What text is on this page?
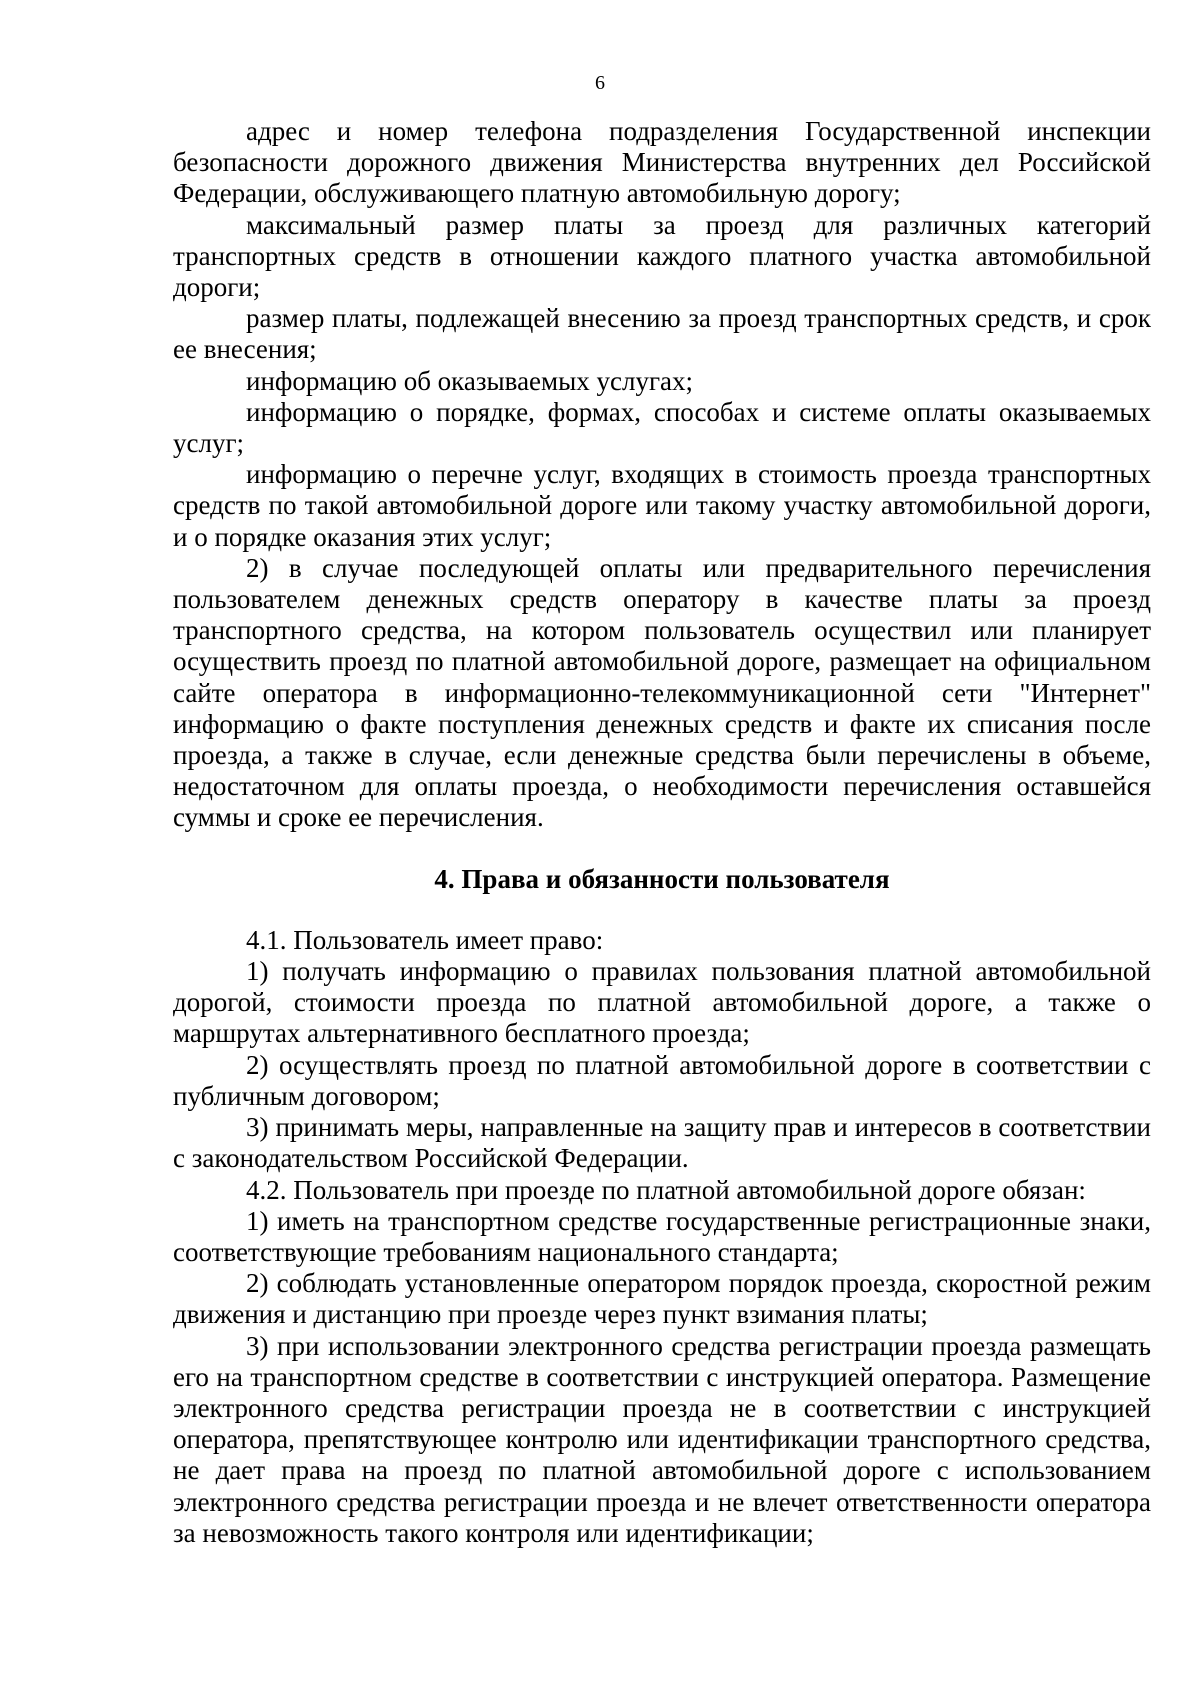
6

адрес и номер телефона подразделения Государственной инспекции безопасности дорожного движения Министерства внутренних дел Российской Федерации, обслуживающего платную автомобильную дорогу;

максимальный размер платы за проезд для различных категорий транспортных средств в отношении каждого платного участка автомобильной дороги;

размер платы, подлежащей внесению за проезд транспортных средств, и срок ее внесения;

информацию об оказываемых услугах;

информацию о порядке, формах, способах и системе оплаты оказываемых услуг;

информацию о перечне услуг, входящих в стоимость проезда транспортных средств по такой автомобильной дороге или такому участку автомобильной дороги, и о порядке оказания этих услуг;

2) в случае последующей оплаты или предварительного перечисления пользователем денежных средств оператору в качестве платы за проезд транспортного средства, на котором пользователь осуществил или планирует осуществить проезд по платной автомобильной дороге, размещает на официальном сайте оператора в информационно-телекоммуникационной сети "Интернет" информацию о факте поступления денежных средств и факте их списания после проезда, а также в случае, если денежные средства были перечислены в объеме, недостаточном для оплаты проезда, о необходимости перечисления оставшейся суммы и сроке ее перечисления.

4. Права и обязанности пользователя

4.1. Пользователь имеет право:

1) получать информацию о правилах пользования платной автомобильной дорогой, стоимости проезда по платной автомобильной дороге, а также о маршрутах альтернативного бесплатного проезда;

2) осуществлять проезд по платной автомобильной дороге в соответствии с публичным договором;

3) принимать меры, направленные на защиту прав и интересов в соответствии с законодательством Российской Федерации.

4.2. Пользователь при проезде по платной автомобильной дороге обязан:

1) иметь на транспортном средстве государственные регистрационные знаки, соответствующие требованиям национального стандарта;

2) соблюдать установленные оператором порядок проезда, скоростной режим движения и дистанцию при проезде через пункт взимания платы;

3) при использовании электронного средства регистрации проезда размещать его на транспортном средстве в соответствии с инструкцией оператора. Размещение электронного средства регистрации проезда не в соответствии с инструкцией оператора, препятствующее контролю или идентификации транспортного средства, не дает права на проезд по платной автомобильной дороге с использованием электронного средства регистрации проезда и не влечет ответственности оператора за невозможность такого контроля или идентификации;
